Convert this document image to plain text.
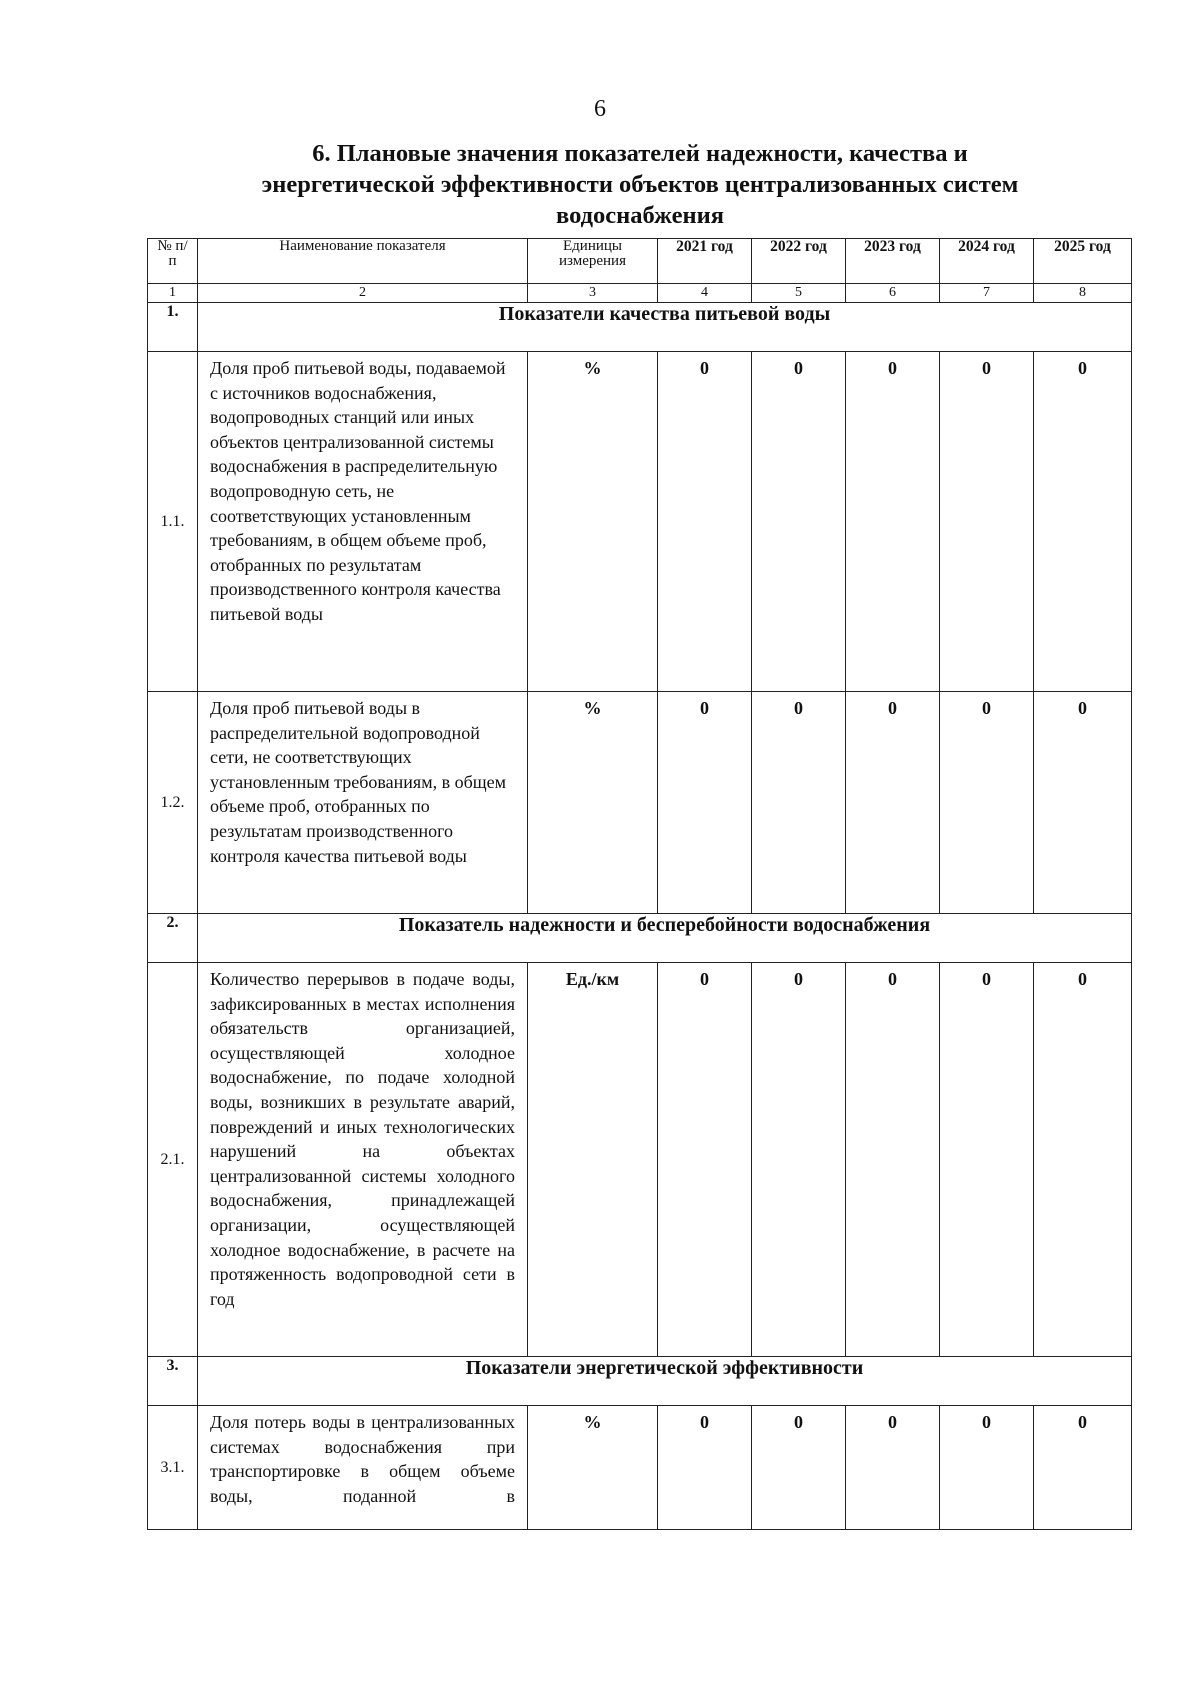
6
6. Плановые значения показателей надежности, качества и
энергетической эффективности объектов централизованных систем
водоснабжения
№ п/п	Наименование показателя	Единицы измерения	2021 год	2022 год	2023 год	2024 год	2025 год
1	2	3	4	5	6	7	8
1.	Показатели качества питьевой воды						
1.1.	Доля проб питьевой воды, подаваемой с источников водоснабжения, водопроводных станций или иных объектов централизованной системы водоснабжения в распределительную водопроводную сеть, не соответствующих установленным требованиям, в общем объеме проб, отобранных по результатам производственного контроля качества питьевой воды	%	0	0	0	0	0

1.2.	Доля проб питьевой воды в распределительной водопроводной сети, не соответствующих установленным требованиям, в общем объеме проб, отобранных по результатам производственного контроля качества питьевой воды	%	0	0	0	0	0

2.	Показатель надежности и бесперебойности водоснабжения						
2.1.	Количество перерывов в подаче воды, зафиксированных в местах исполнения обязательств организацией, осуществляющей холодное водоснабжение, по подаче холодной воды, возникших в результате аварий, повреждений и иных технологических нарушений на объектах централизованной системы холодного водоснабжения, принадлежащей организации, осуществляющей холодное водоснабжение, в расчете на протяженность водопроводной сети в год	Ед./км	0	0	0	0	0

3.	Показатели энергетической эффективности						
3.1.	Доля потерь воды в централизованных системах водоснабжения при транспортировке в общем объеме воды, поданной в	%	0	0	0	0	0
